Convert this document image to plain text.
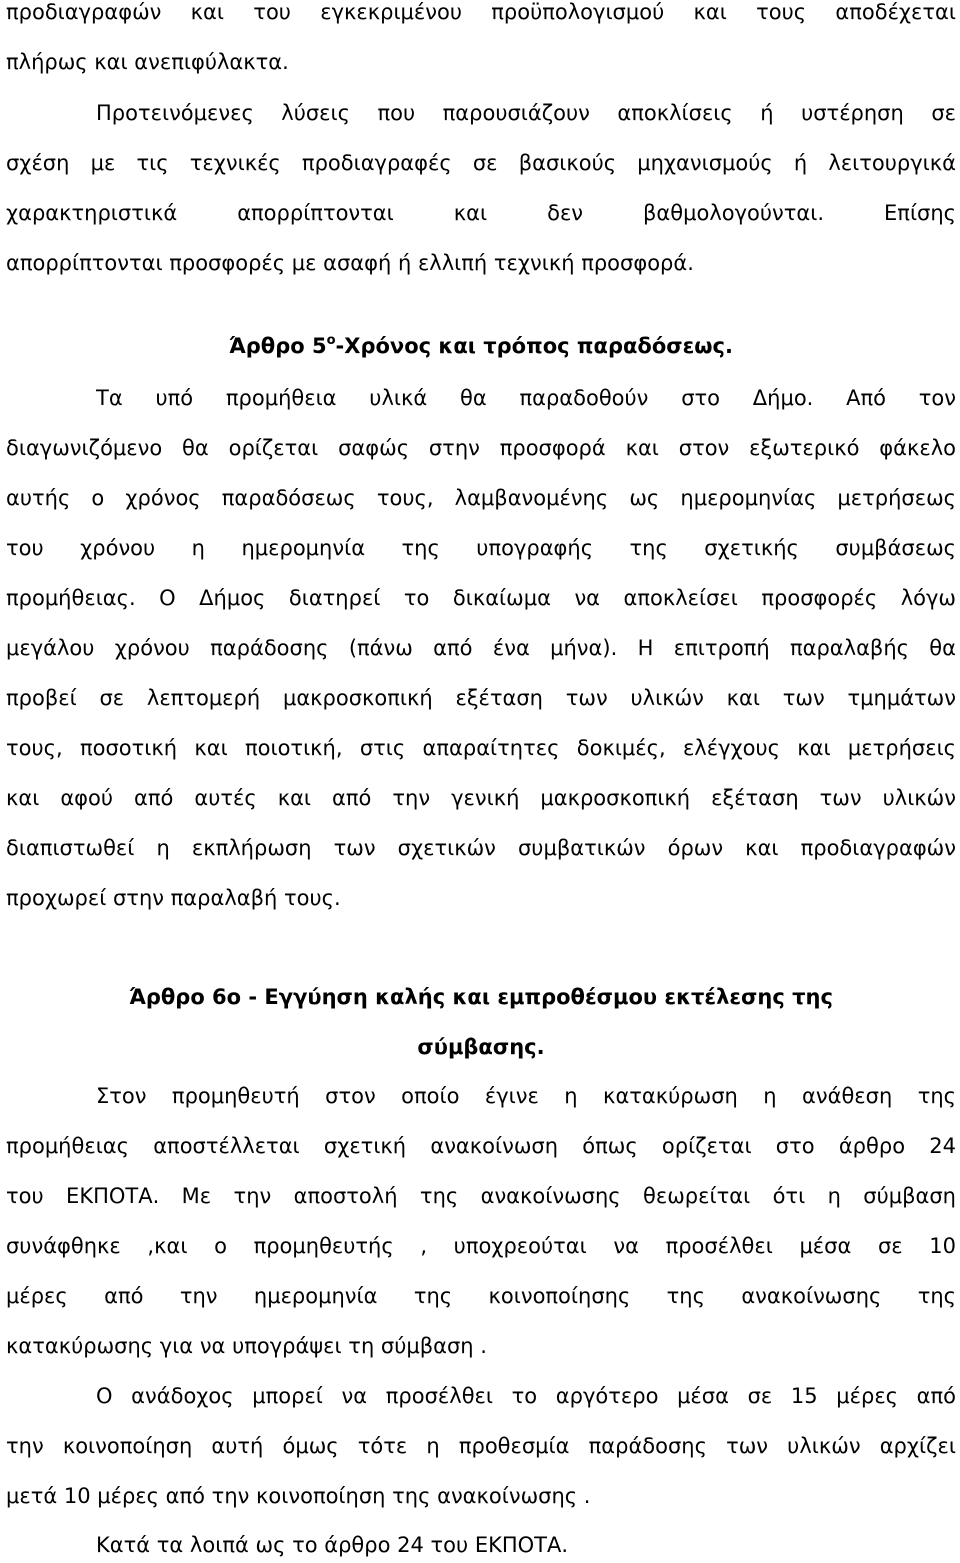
προδιαγραφών και του εγκεκριμένου προϋπολογισμού και τους αποδέχεται
πλήρως και ανεπιφύλακτα.
Προτεινόμενες λύσεις που παρουσιάζουν αποκλίσεις ή υστέρηση σε
σχέση με τις τεχνικές προδιαγραφές σε βασικούς μηχανισμούς ή λειτουργικά
χαρακτηριστικά απορρίπτονται και δεν βαθμολογούνται. Επίσης
απορρίπτονται προσφορές με ασαφή ή ελλιπή τεχνική προσφορά.
Άρθρο $5^o$-Χρόνος και τρόπος παραδόσεως.
Τα υπό προμήθεια υλικά θα παραδοθούν στο Δήμο. Από τον
διαγωνιζόμενο θα ορίζεται σαφώς στην προσφορά και στον εξωτερικό φάκελο
αυτής ο χρόνος παραδόσεως τους, λαμβανομένης ως ημερομηνίας μετρήσεως
του χρόνου η ημερομηνία της υπογραφής της σχετικής συμβάσεως
προμήθειας. Ο Δήμος διατηρεί το δικαίωμα να αποκλείσει προσφορές λόγω
μεγάλου χρόνου παράδοσης (πάνω από ένα μήνα). Η επιτροπή παραλαβής θα
προβεί σε λεπτομερή μακροσκοπική εξέταση των υλικών και των τμημάτων
τους, ποσοτική και ποιοτική, στις απαραίτητες δοκιμές, ελέγχους και μετρήσεις
και αφού από αυτές και από την γενική μακροσκοπική εξέταση των υλικών
διαπιστωθεί η εκπλήρωση των σχετικών συμβατικών όρων και προδιαγραφών
προχωρεί στην παραλαβή τους.
Άρθρο 6ο - Εγγύηση καλής και εμπροθέσμου εκτέλεσης της
σύμβασης.
Στον προμηθευτή στον οποίο έγινε η κατακύρωση η ανάθεση της
προμήθειας αποστέλλεται σχετική ανακοίνωση όπως ορίζεται στο άρθρο 24
του ΕΚΠΟΤΑ. Με την αποστολή της ανακοίνωσης θεωρείται ότι η σύμβαση
συνάφθηκε ,και ο προμηθευτής , υποχρεούται να προσέλθει μέσα σε 10
μέρες από την ημερομηνία της κοινοποίησης της ανακοίνωσης της
κατακύρωσης για να υπογράψει τη σύμβαση .
Ο ανάδοχος μπορεί να προσέλθει το αργότερο μέσα σε 15 μέρες από
την κοινοποίηση αυτή όμως τότε η προθεσμία παράδοσης των υλικών αρχίζει
μετά 10 μέρες από την κοινοποίηση της ανακοίνωσης .
Κατά τα λοιπά ως το άρθρο 24 του ΕΚΠΟΤΑ.
